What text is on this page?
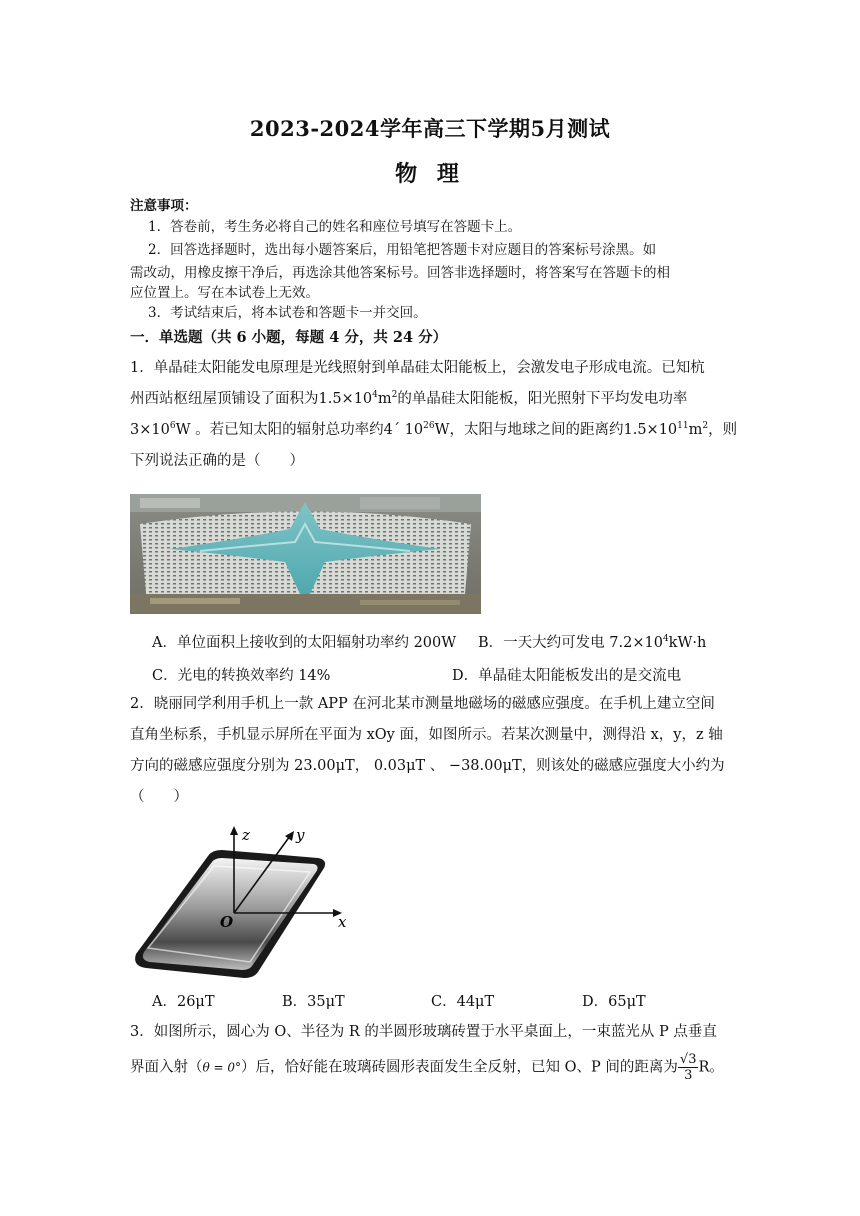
2023-2024学年高三下学期5月测试
物 理
注意事项：
1．答卷前，考生务必将自己的姓名和座位号填写在答题卡上。
2．回答选择题时，选出每小题答案后，用铅笔把答题卡对应题目的答案标号涂黑。如
需改动，用橡皮擦干净后，再选涂其他答案标号。回答非选择题时，将答案写在答题卡的相
应位置上。写在本试卷上无效。
3．考试结束后，将本试卷和答题卡一并交回。
一．单选题（共 6 小题，每题 4 分，共 24 分）
1．单晶硅太阳能发电原理是光线照射到单晶硅太阳能板上，会激发电子形成电流。已知杭
州西站枢纽屋顶铺设了面积为$1.5\times 10^4m^2$的单晶硅太阳能板，阳光照射下平均发电功率
$3\times 10^6W$ 。若已知太阳的辐射总功率约4´ $10^{26}W$，太阳与地球之间的距离约$1.5\times 10^{11}m^2$，则
下列说法正确的是（　　）
A．单位面积上接收到的太阳辐射功率约 200W B．一天大约可发电 $7.2\times 10^4kW\cdot h$
C．光电的转换效率约 14%	D．单晶硅太阳能板发出的是交流电
2．晓丽同学利用手机上一款 APP 在河北某市测量地磁场的磁感应强度。在手机上建立空间
直角坐标系，手机显示屏所在平面为 xOy 面，如图所示。若某次测量中，测得沿 x，y，z 轴
方向的磁感应强度分别为 23.00μT， 0.03μT 、 −38.00μT，则该处的磁感应强度大小约为
（　　）
z	y
x
O
A．26μT	B．35μT	C．44μT	D．65μT
3．如图所示，圆心为 O、半径为 R 的半圆形玻璃砖置于水平桌面上，一束蓝光从 P 点垂直
界面入射（θ = 0°）后，恰好能在玻璃砖圆形表面发生全反射，已知 O、P 间的距离为 $\frac{√3}{3}$ R。
